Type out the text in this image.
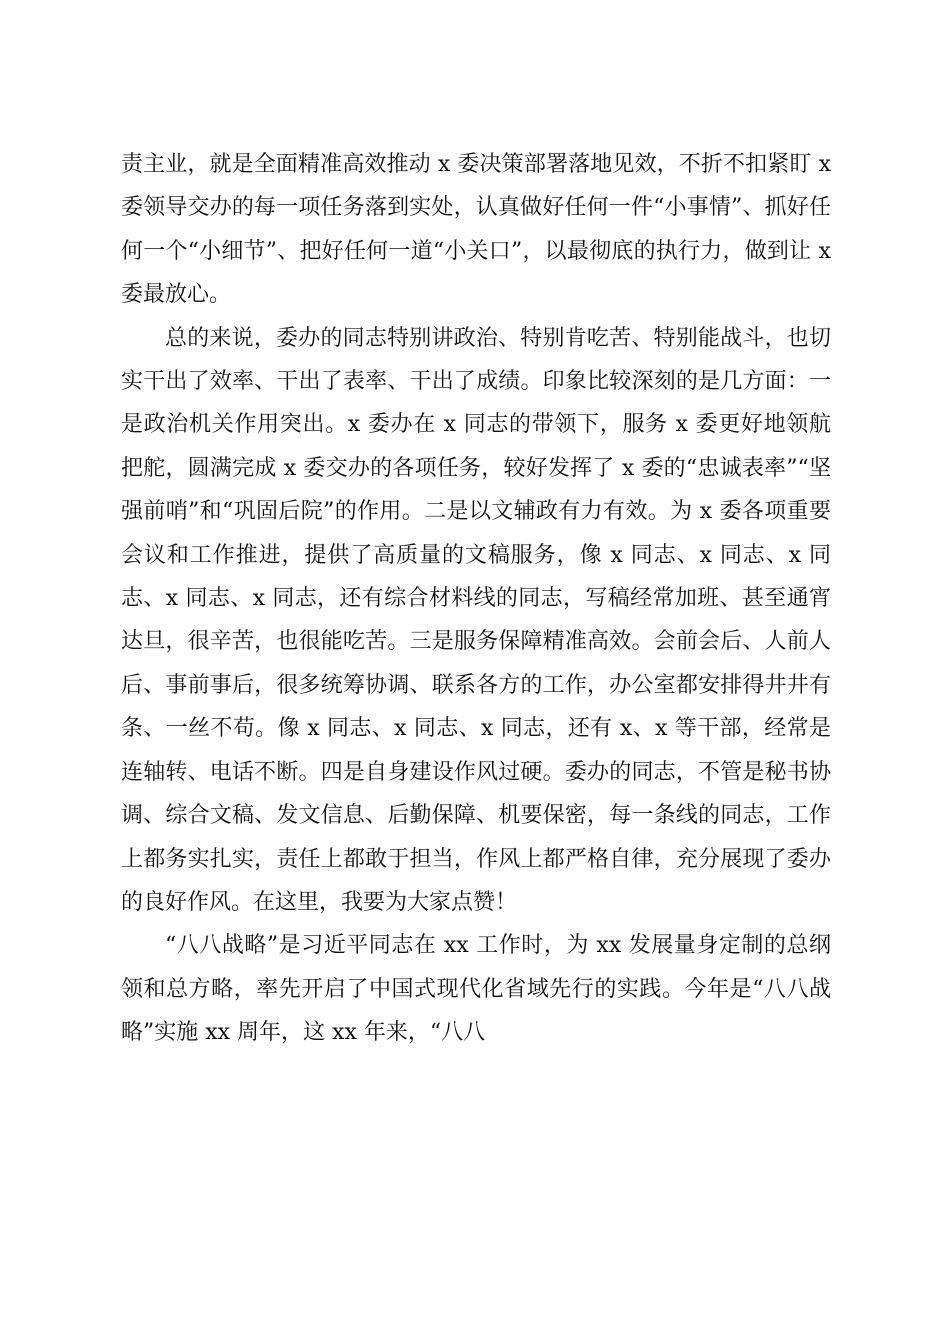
责主业，就是全面精准高效推动 x 委决策部署落地见效，不折不扣紧盯 x 委领导交办的每一项任务落到实处，认真做好任何一件“小事情”、抓好任何一个“小细节”、把好任何一道“小关口”，以最彻底的执行力，做到让 x 委最放心。

总的来说，委办的同志特别讲政治、特别肯吃苦、特别能战斗，也切实干出了效率、干出了表率、干出了成绩。印象比较深刻的是几方面：一是政治机关作用突出。x 委办在 x 同志的带领下，服务 x 委更好地领航把舵，圆满完成 x 委交办的各项任务，较好发挥了 x 委的“忠诚表率”“坚强前哨”和“巩固后院”的作用。二是以文辅政有力有效。为 x 委各项重要会议和工作推进，提供了高质量的文稿服务，像 x 同志、x 同志、x 同志、x 同志、x 同志，还有综合材料线的同志，写稿经常加班、甚至通宵达旦，很辛苦，也很能吃苦。三是服务保障精准高效。会前会后、人前人后、事前事后，很多统筹协调、联系各方的工作，办公室都安排得井井有条、一丝不苟。像 x 同志、x 同志、x 同志，还有 x、x 等干部，经常是连轴转、电话不断。四是自身建设作风过硬。委办的同志，不管是秘书协调、综合文稿、发文信息、后勤保障、机要保密，每一条线的同志，工作上都务实扎实，责任上都敢于担当，作风上都严格自律，充分展现了委办的良好作风。在这里，我要为大家点赞！

“八八战略”是习近平同志在 xx 工作时，为 xx 发展量身定制的总纲领和总方略，率先开启了中国式现代化省域先行的实践。今年是“八八战略”实施 xx 周年，这 xx 年来，“八八
